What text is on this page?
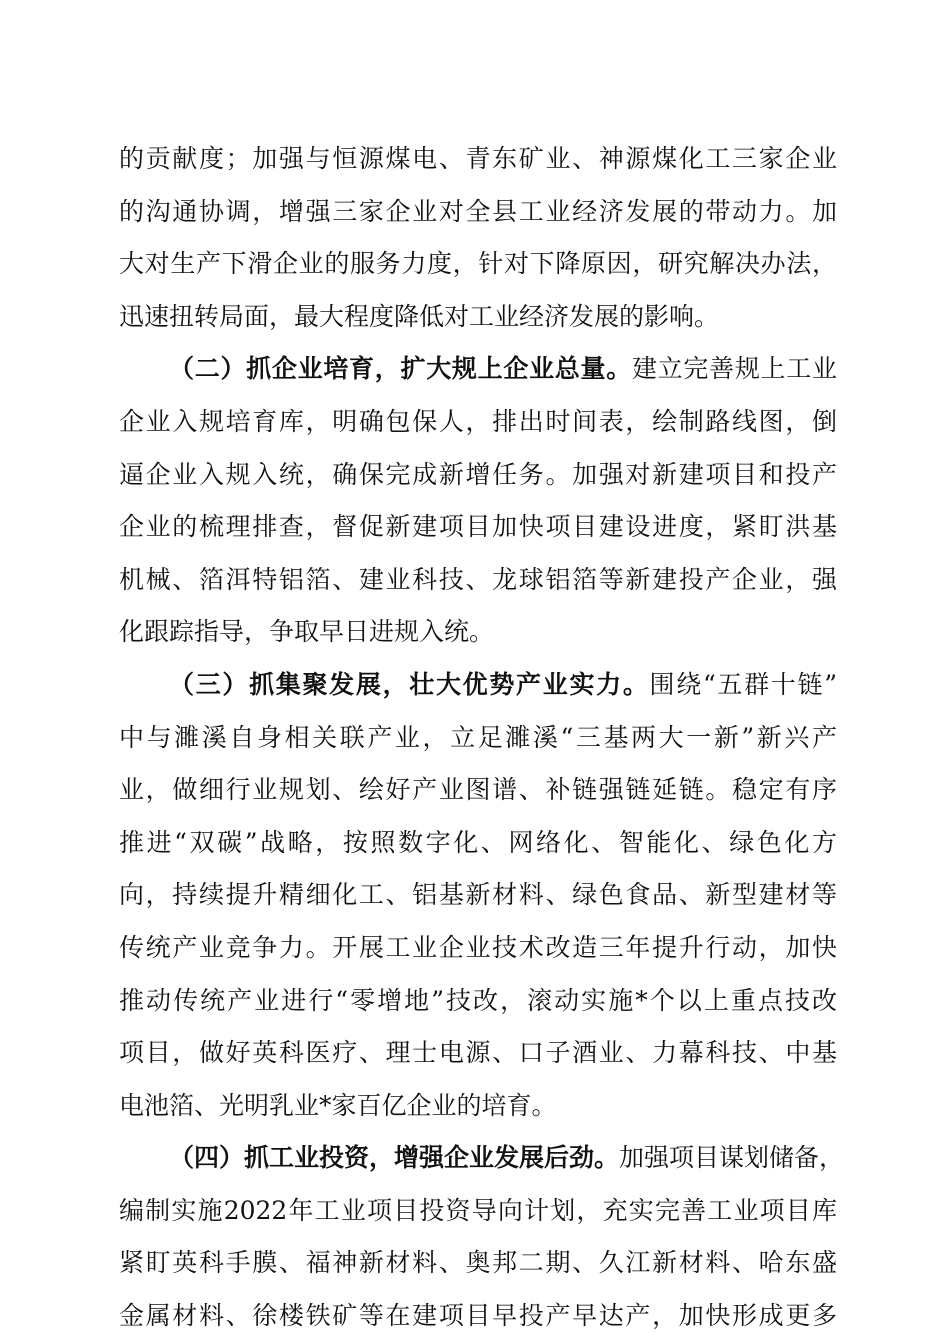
的贡献度；加强与恒源煤电、青东矿业、神源煤化工三家企业
的沟通协调，增强三家企业对全县工业经济发展的带动力。加
大对生产下滑企业的服务力度，针对下降原因，研究解决办法，
迅速扭转局面，最大程度降低对工业经济发展的影响。
（二）抓企业培育，扩大规上企业总量。建立完善规上工业
企业入规培育库，明确包保人，排出时间表，绘制路线图，倒
逼企业入规入统，确保完成新增任务。加强对新建项目和投产
企业的梳理排查，督促新建项目加快项目建设进度，紧盯洪基
机械、箔洱特铝箔、建业科技、龙球铝箔等新建投产企业，强
化跟踪指导，争取早日进规入统。
（三）抓集聚发展，壮大优势产业实力。围绕“五群十链”
中与濉溪自身相关联产业，立足濉溪“三基两大一新”新兴产
业，做细行业规划、绘好产业图谱、补链强链延链。稳定有序
推进“双碳”战略，按照数字化、网络化、智能化、绿色化方
向，持续提升精细化工、铝基新材料、绿色食品、新型建材等
传统产业竞争力。开展工业企业技术改造三年提升行动，加快
推动传统产业进行“零增地”技改，滚动实施*个以上重点技改
项目，做好英科医疗、理士电源、口子酒业、力幕科技、中基
电池箔、光明乳业*家百亿企业的培育。
（四）抓工业投资，增强企业发展后劲。加强项目谋划储备，
编制实施2022年工业项目投资导向计划，充实完善工业项目库
紧盯英科手膜、福神新材料、奥邦二期、久江新材料、哈东盛
金属材料、徐楼铁矿等在建项目早投产早达产，加快形成更多
